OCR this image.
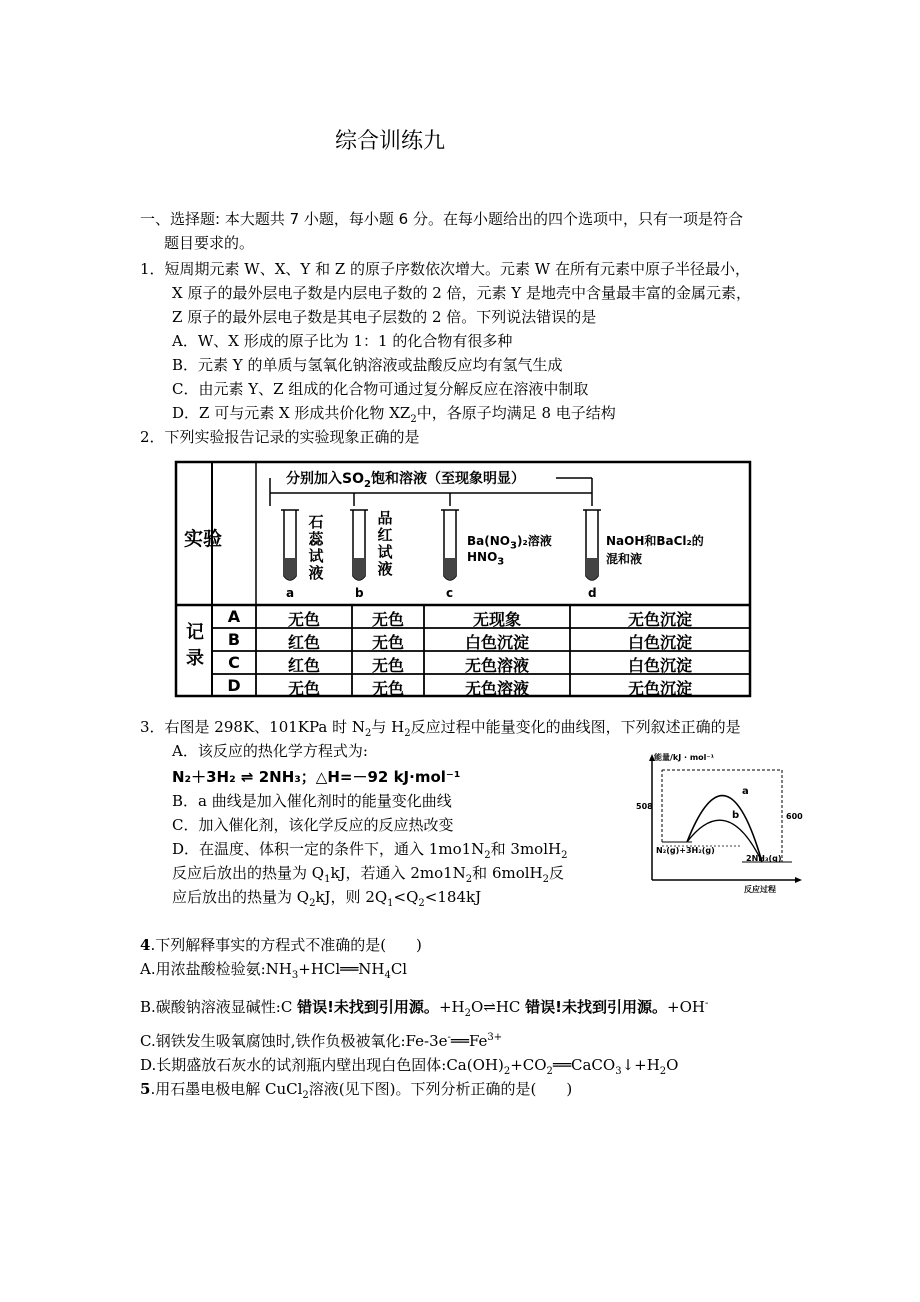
综合训练九
一、选择题: 本大题共 7 小题，每小题 6 分。在每小题给出的四个选项中，只有一项是符合
题目要求的。
1．短周期元素 W、X、Y 和 Z 的原子序数依次增大。元素 W 在所有元素中原子半径最小，
X 原子的最外层电子数是内层电子数的 2 倍，元素 Y 是地壳中含量最丰富的金属元素，
Z 原子的最外层电子数是其电子层数的 2 倍。下列说法错误的是
A．W、X 形成的原子比为 1：1 的化合物有很多种
B．元素 Y 的单质与氢氧化钠溶液或盐酸反应均有氢气生成
C．由元素 Y、Z 组成的化合物可通过复分解反应在溶液中制取
D．Z 可与元素 X 形成共价化物 $XZ_2$中，各原子均满足 8 电子结构
2．下列实验报告记录的实验现象正确的是
分别加入$SO_2$饱和溶液（至现象明显）
实验
记录
石蕊试液
品红试液
$Ba(NO_3)_2$溶液
$HNO_3$
NaOH和BaCl₂的
混和液
a	b	c	d
A	无色	无色	无现象	无色沉淀
B	红色	无色	白色沉淀	白色沉淀
C	红色	无色	无色溶液	白色沉淀
D	无色	无色	无色溶液	无色沉淀
3．右图是 298K、101KPa 时 $N_2$与 $H_2$反应过程中能量变化的曲线图，下列叙述正确的是
A．该反应的热化学方程式为:
N₂＋3H₂ ⇌ 2NH₃；△H=－92 kJ·mol⁻¹
B．a 曲线是加入催化剂时的能量变化曲线
C．加入催化剂，该化学反应的反应热改变
D．在温度、体积一定的条件下，通入 $1mo1N_2$和 3molH$_2$
反应后放出的热量为 $Q_1kJ$，若通入 $2mo1N_2$和 6molH$_2$反
应后放出的热量为 $Q_2kJ$，则 $2Q_1<Q_2<184kJ$
能量/kJ · mol⁻¹
508
600
a
b
N₂(g)+3H₂(g)
2NH₃(g)
反应过程
4.下列解释事实的方程式不准确的是(　　)
A.用浓盐酸检验氨$:NH_3+HCl══NH_4Cl$
B.碳酸钠溶液显碱性:C 错误!未找到引用源。$+H_2O\rightleftharpoons HC$ 错误!未找到引用源。+OH-
C.钢铁发生吸氧腐蚀时,铁作负极被氧化$:Fe-3e^-══Fe^{3+}$
D.长期盛放石灰水的试剂瓶内壁出现白色固体$:Ca(OH)_2+CO_2══CaCO_3↓+H_2O$
5.用石墨电极电解 CuCl$_2$溶液(见下图)。下列分析正确的是(　　)
